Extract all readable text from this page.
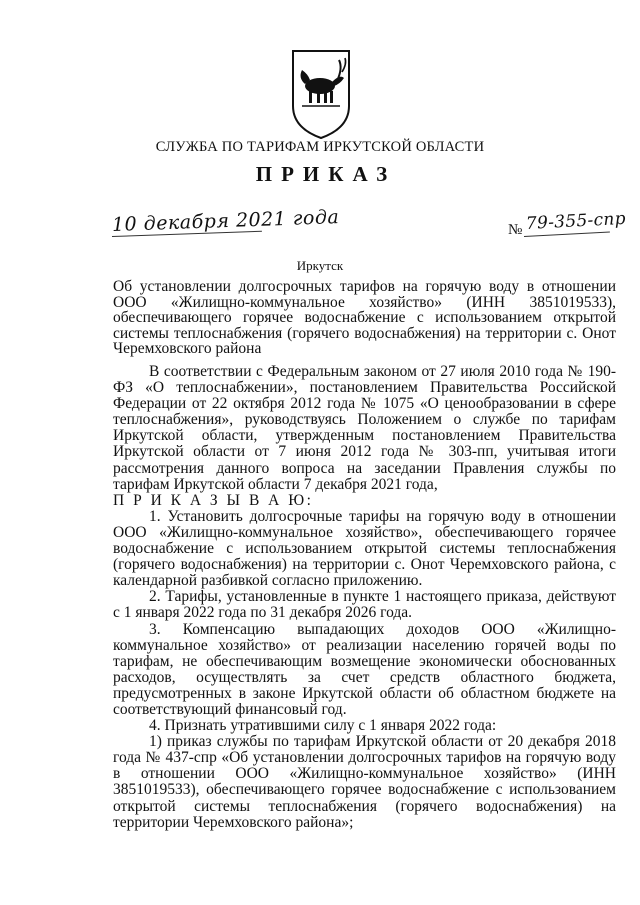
СЛУЖБА ПО ТАРИФАМ ИРКУТСКОЙ ОБЛАСТИ
ПРИКАЗ
10 декабря 2021 года	№ 79-355-спр
Иркутск
Об установлении долгосрочных тарифов на горячую воду в отношении ООО «Жилищно-коммунальное хозяйство» (ИНН 3851019533), обеспечивающего горячее водоснабжение с использованием открытой системы теплоснабжения (горячего водоснабжения) на территории с. Онот Черемховского района

В соответствии с Федеральным законом от 27 июля 2010 года № 190-ФЗ «О теплоснабжении», постановлением Правительства Российской Федерации от 22 октября 2012 года № 1075 «О ценообразовании в сфере теплоснабжения», руководствуясь Положением о службе по тарифам Иркутской области, утвержденным постановлением Правительства Иркутской области от 7 июня 2012 года № 303-пп, учитывая итоги рассмотрения данного вопроса на заседании Правления службы по тарифам Иркутской области 7 декабря 2021 года,

П Р И К А З Ы В А Ю:

1. Установить долгосрочные тарифы на горячую воду в отношении ООО «Жилищно-коммунальное хозяйство», обеспечивающего горячее водоснабжение с использованием открытой системы теплоснабжения (горячего водоснабжения) на территории с. Онот Черемховского района, с календарной разбивкой согласно приложению.

2. Тарифы, установленные в пункте 1 настоящего приказа, действуют с 1 января 2022 года по 31 декабря 2026 года.

3. Компенсацию выпадающих доходов ООО «Жилищно-коммунальное хозяйство» от реализации населению горячей воды по тарифам, не обеспечивающим возмещение экономически обоснованных расходов, осуществлять за счет средств областного бюджета, предусмотренных в законе Иркутской области об областном бюджете на соответствующий финансовый год.

4. Признать утратившими силу с 1 января 2022 года:

1) приказ службы по тарифам Иркутской области от 20 декабря 2018 года № 437-спр «Об установлении долгосрочных тарифов на горячую воду в отношении ООО «Жилищно-коммунальное хозяйство» (ИНН 3851019533), обеспечивающего горячее водоснабжение с использованием открытой системы теплоснабжения (горячего водоснабжения) на территории Черемховского района»;
